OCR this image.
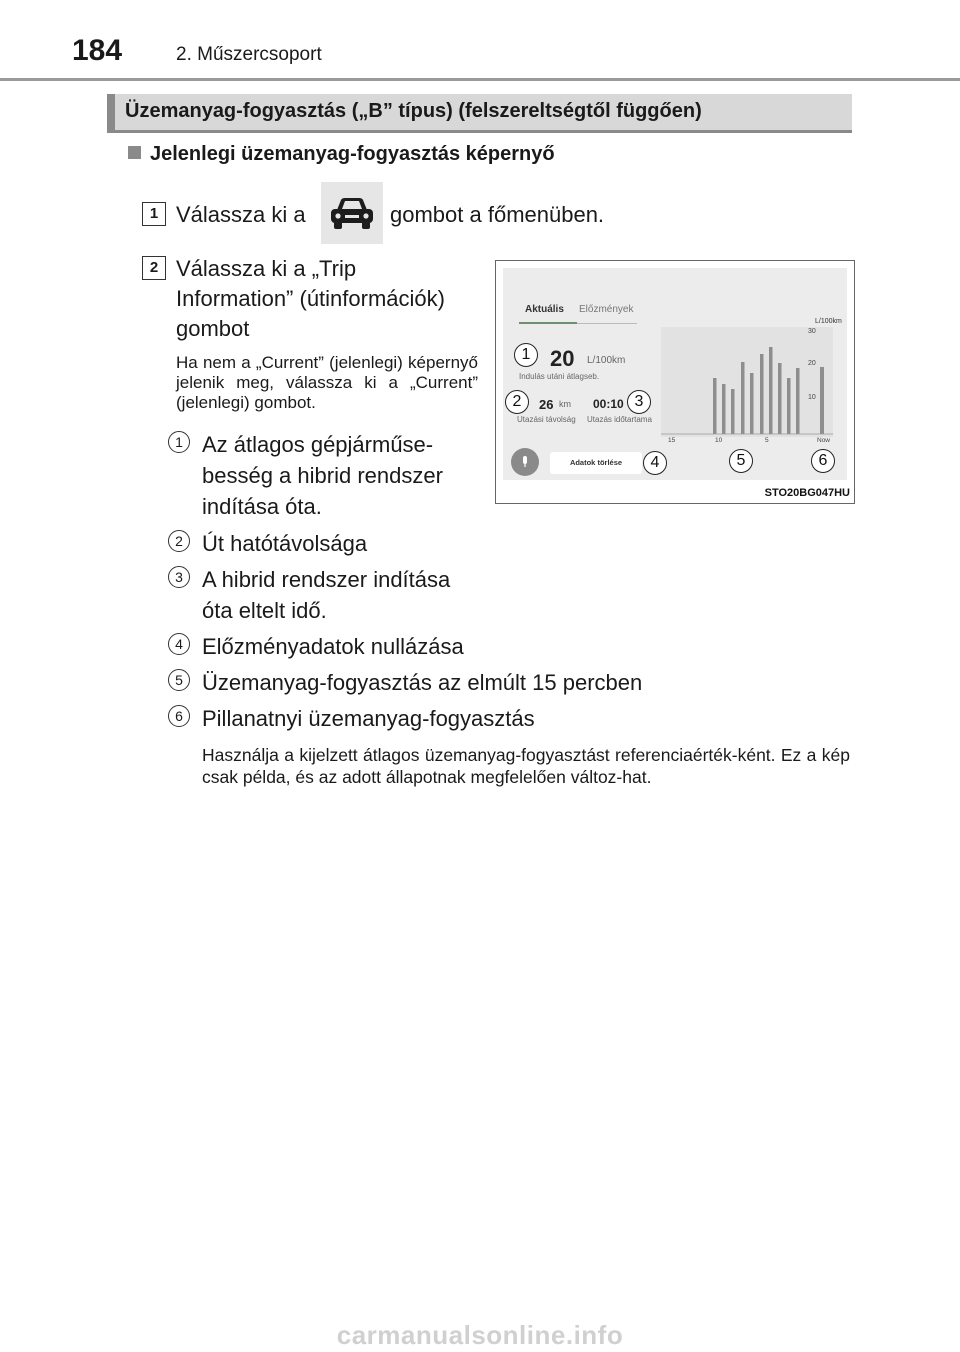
184	2. Műszercsoport
Üzemanyag-fogyasztás („B” típus) (felszereltségtől függően)
Jelenlegi üzemanyag-fogyasztás képernyő
1 Válassza ki a	gombot a főmenüben.
2 Válassza ki a „Trip
Information” (útinformációk)
gombot
Ha nem a „Current” (jelenlegi) képernyő jelenik meg, válassza ki a „Current” (jelenlegi) gombot.
1 Az átlagos gépjárműse-
besség a hibrid rendszer
indítása óta.
2 Út hatótávolsága
3 A hibrid rendszer indítása
óta eltelt idő.
4 Előzményadatok nullázása
5 Üzemanyag-fogyasztás az elmúlt 15 percben
6 Pillanatnyi üzemanyag-fogyasztás
Használja a kijelzett átlagos üzemanyag-fogyasztást referenciaérték-ként. Ez a kép csak példa, és az adott állapotnak megfelelően változ-hat.
Aktuális Előzmények
1 20 L/100km
Indulás utáni átlagseb.
2	26 km
Utazási távolság
00:10 3
Utazás időtartama
Adatok törlése	4
L/100km
30
20
10
15	10	5	Now
5	6
STO20BG047HU
carmanualsonline.info
